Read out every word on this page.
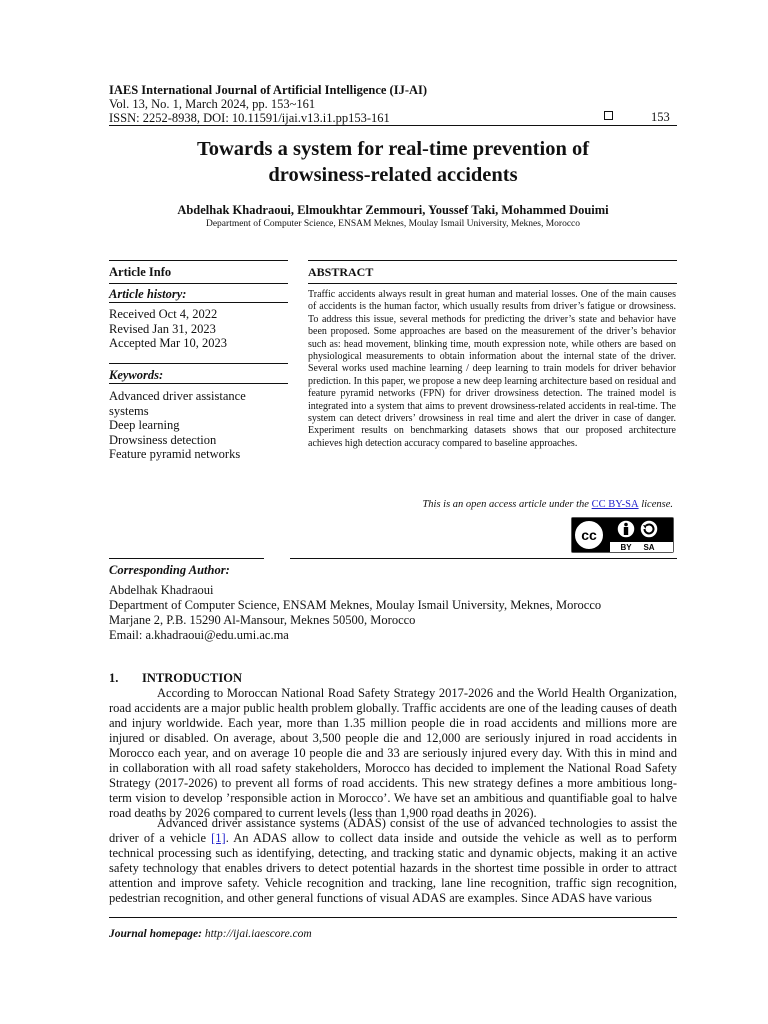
IAES International Journal of Artificial Intelligence (IJ-AI)
Vol. 13, No. 1, March 2024, pp. 153~161
ISSN: 2252-8938, DOI: 10.11591/ijai.v13.i1.pp153-161	153
Towards a system for real-time prevention of
drowsiness-related accidents
Abdelhak Khadraoui, Elmoukhtar Zemmouri, Youssef Taki, Mohammed Douimi
Department of Computer Science, ENSAM Meknes, Moulay Ismail University, Meknes, Morocco
Article Info	ABSTRACT
Article history:
Received Oct 4, 2022
Revised Jan 31, 2023
Accepted Mar 10, 2023
Keywords:
Advanced driver assistance
systems
Deep learning
Drowsiness detection
Feature pyramid networks
Traffic accidents always result in great human and material losses. One of the main causes of accidents is the human factor, which usually results from driver’s fatigue or drowsiness. To address this issue, several methods for predicting the driver’s state and behavior have been proposed. Some approaches are based on the measurement of the driver’s behavior such as: head movement, blinking time, mouth expression note, while others are based on physiological measurements to obtain information about the internal state of the driver. Several works used machine learning / deep learning to train models for driver behavior prediction. In this paper, we propose a new deep learning architecture based on residual and feature pyramid networks (FPN) for driver drowsiness detection. The trained model is integrated into a system that aims to prevent drowsiness-related accidents in real-time. The system can detect drivers’ drowsiness in real time and alert the driver in case of danger. Experiment results on benchmarking datasets shows that our proposed architecture achieves high detection accuracy compared to baseline approaches.
This is an open access article under the CC BY-SA license.
cc
BY SA
Corresponding Author:
Abdelhak Khadraoui
Department of Computer Science, ENSAM Meknes, Moulay Ismail University, Meknes, Morocco
Marjane 2, P.B. 15290 Al-Mansour, Meknes 50500, Morocco
Email: a.khadraoui@edu.umi.ac.ma
1. INTRODUCTION
According to Moroccan National Road Safety Strategy 2017-2026 and the World Health Organization, road accidents are a major public health problem globally. Traffic accidents are one of the leading causes of death and injury worldwide. Each year, more than 1.35 million people die in road accidents and millions more are injured or disabled. On average, about 3,500 people die and 12,000 are seriously injured in road accidents in Morocco each year, and on average 10 people die and 33 are seriously injured every day. With this in mind and in collaboration with all road safety stakeholders, Morocco has decided to implement the National Road Safety Strategy (2017-2026) to prevent all forms of road accidents. This new strategy defines a more ambitious long-term vision to develop ’responsible action in Morocco’. We have set an ambitious and quantifiable goal to halve road deaths by 2026 compared to current levels (less than 1,900 road deaths in 2026).
Advanced driver assistance systems (ADAS) consist of the use of advanced technologies to assist the driver of a vehicle [1]. An ADAS allow to collect data inside and outside the vehicle as well as to perform technical processing such as identifying, detecting, and tracking static and dynamic objects, making it an active safety technology that enables drivers to detect potential hazards in the shortest time possible in order to attract attention and improve safety. Vehicle recognition and tracking, lane line recognition, traffic sign recognition, pedestrian recognition, and other general functions of visual ADAS are examples. Since ADAS have various
Journal homepage: http://ijai.iaescore.com
